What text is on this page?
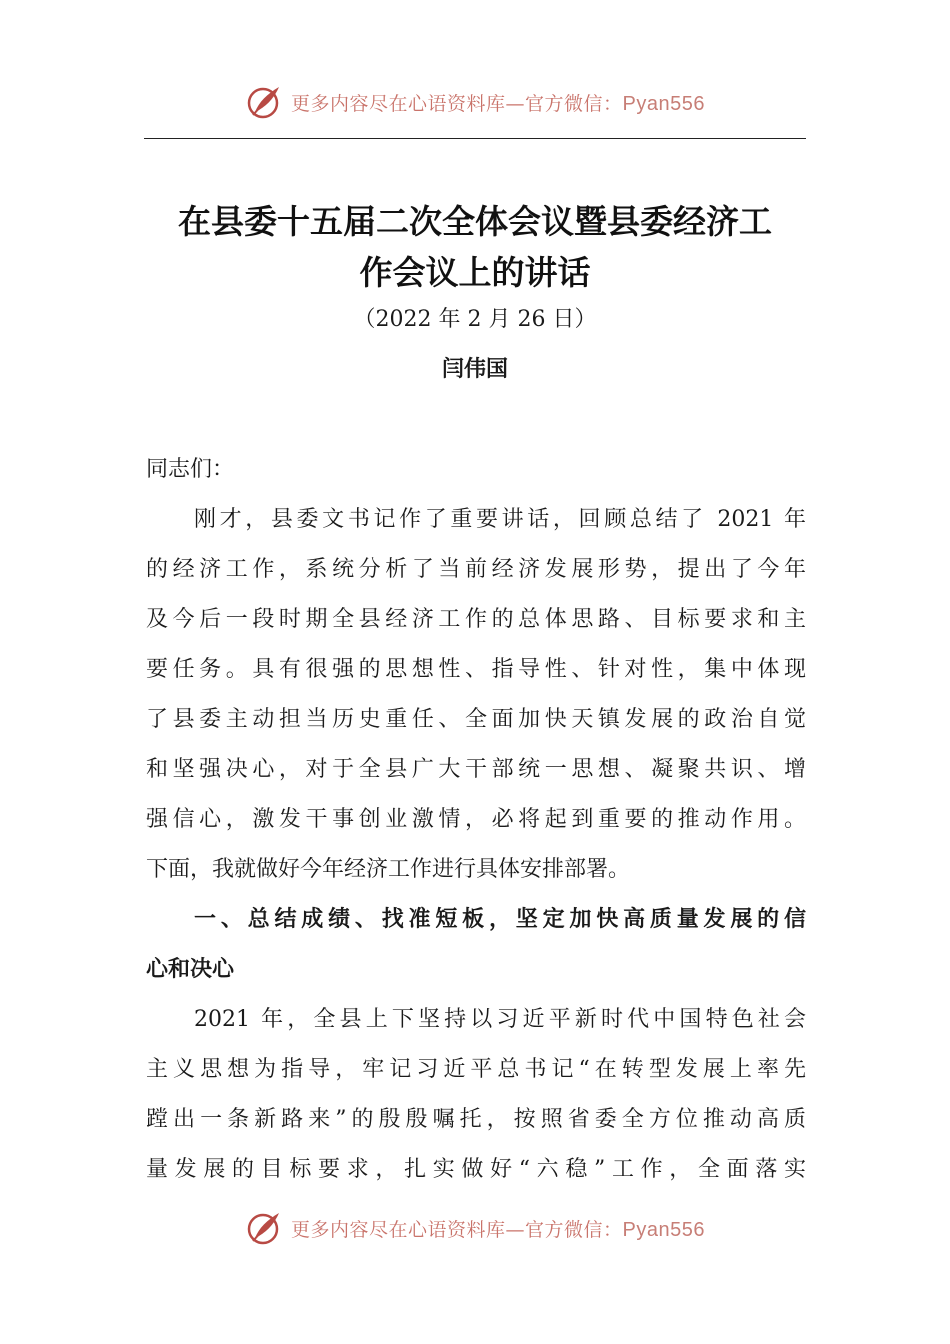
更多内容尽在心语资料库—官方微信：Pyan556
在县委十五届二次全体会议暨县委经济工
作会议上的讲话
（2022 年 2 月 26 日）
闫伟国
同志们：
刚才，县委文书记作了重要讲话，回顾总结了 2021 年
的经济工作，系统分析了当前经济发展形势，提出了今年
及今后一段时期全县经济工作的总体思路、目标要求和主
要任务。具有很强的思想性、指导性、针对性，集中体现
了县委主动担当历史重任、全面加快天镇发展的政治自觉
和坚强决心，对于全县广大干部统一思想、凝聚共识、增
强信心，激发干事创业激情，必将起到重要的推动作用。
下面，我就做好今年经济工作进行具体安排部署。
一、总结成绩、找准短板，坚定加快高质量发展的信
心和决心
2021 年，全县上下坚持以习近平新时代中国特色社会
主义思想为指导，牢记习近平总书记“在转型发展上率先
蹚出一条新路来”的殷殷嘱托，按照省委全方位推动高质
量发展的目标要求，扎实做好“六稳”工作，全面落实
更多内容尽在心语资料库—官方微信：Pyan556
